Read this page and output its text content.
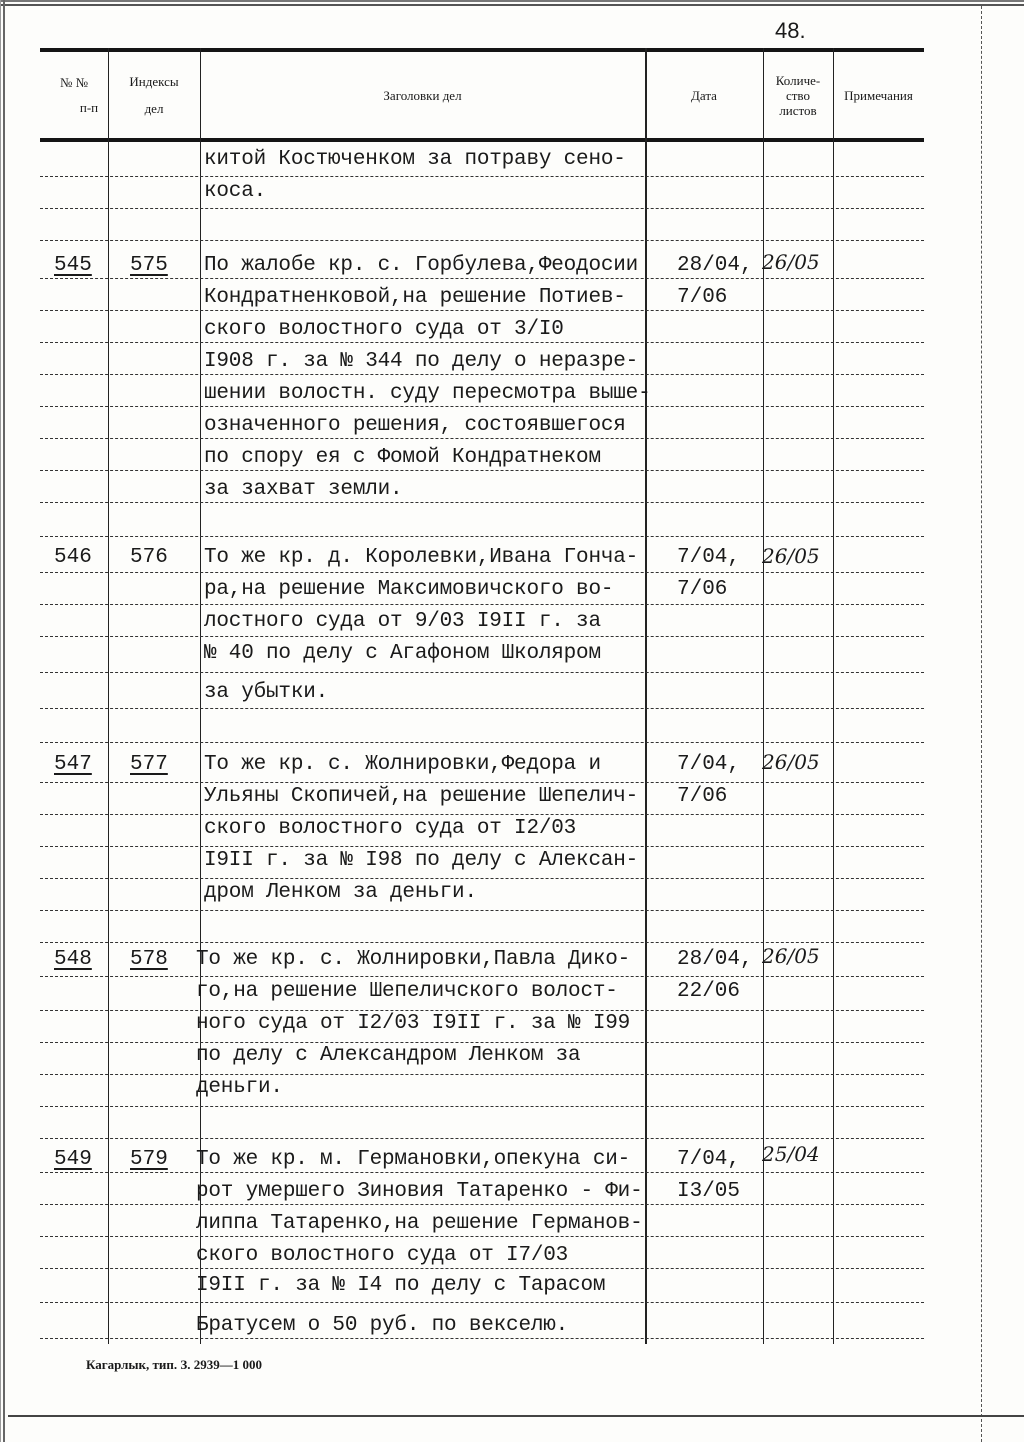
48.
№ №
п-п
Индексы
дел
Заголовки дел	Дата
Количе-
ство
листов
Примечания
китой Костюченком за потраву сено-
коса.
545 575 По жалобе кр. с. Горбулева,Феодосии
Кондратненковой,на решение Потиев-
ского волостного суда от 3/I0
I908 г. за № 344 по делу о неразре-
шении волостн. суду пересмотра выше-
означенного решения, состоявшегося
по спору ея с Фомой Кондратнеком
за захват земли.
28/04,
7/06
26/05
546 576 То же кр. д. Королевки,Ивана Гонча-
ра,на решение Максимовичского во-
лостного суда от 9/03 I9II г. за
№ 40 по делу с Агафоном Школяром
за убытки.
7/04,
7/06
26/05
547 577 То же кр. с. Жолнировки,Федора и
Ульяны Скопичей,на решение Шепелич-
ского волостного суда от I2/03
I9II г. за № I98 по делу с Алексан-
дром Ленком за деньги.
7/04,
7/06
26/05
548 578 То же кр. с. Жолнировки,Павла Дико-
го,на решение Шепеличского волост-
ного суда от I2/03 I9II г. за № I99
по делу с Александром Ленком за
деньги.
28/04,
22/06
26/05
549 579 То же кр. м. Германовки,опекуна си-
рот умершего Зиновия Татаренко - Фи-
липпа Татаренко,на решение Германов-
ского волостного суда от I7/03
I9II г. за № I4 по делу с Тарасом
Братусем о 50 руб. по векселю.
7/04,
I3/05
25/04
Кагарлык, тип. З. 2939—1 000
